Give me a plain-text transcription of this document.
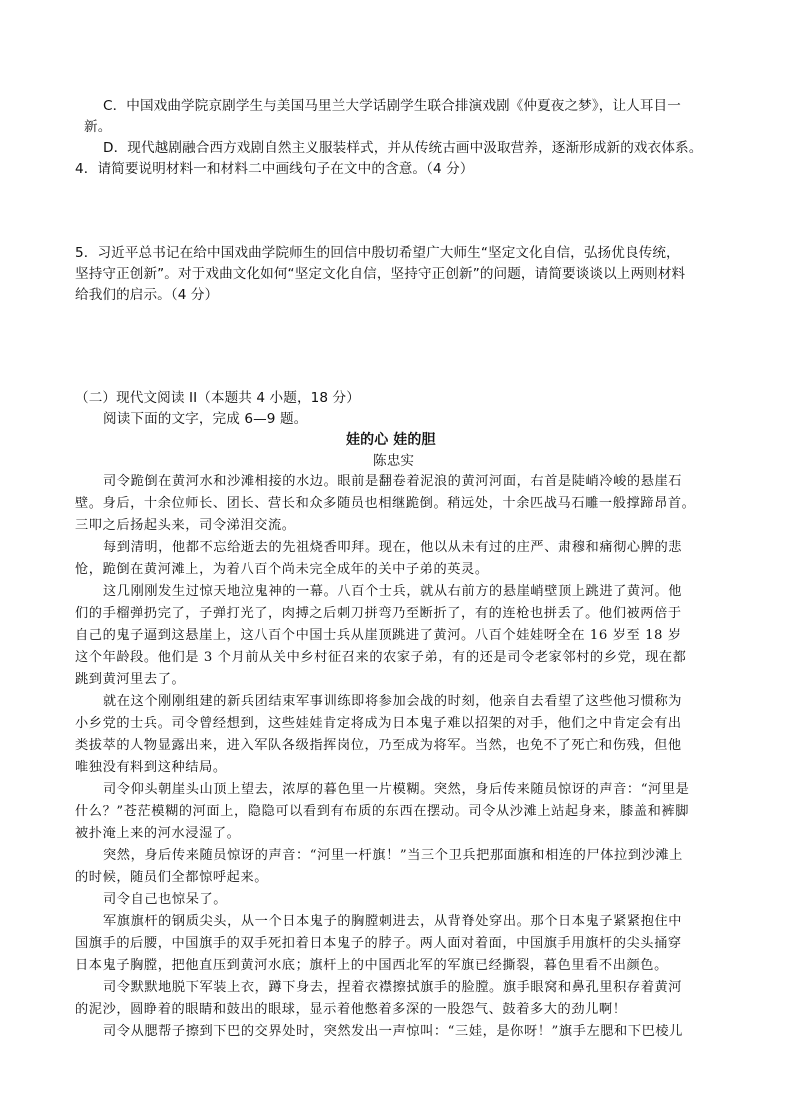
C．中国戏曲学院京剧学生与美国马里兰大学话剧学生联合排演戏剧《仲夏夜之梦》，让人耳目一
新。
D．现代越剧融合西方戏剧自然主义服装样式，并从传统古画中汲取营养，逐渐形成新的戏衣体系。
4．请简要说明材料一和材料二中画线句子在文中的含意。（4 分）
5．习近平总书记在给中国戏曲学院师生的回信中殷切希望广大师生“坚定文化自信，弘扬优良传统，
坚持守正创新”。对于戏曲文化如何“坚定文化自信，坚持守正创新”的问题，请简要谈谈以上两则材料
给我们的启示。（4 分）
（二）现代文阅读 II（本题共 4 小题，18 分）
阅读下面的文字，完成 6—9 题。
娃的心 娃的胆
陈忠实
司令跪倒在黄河水和沙滩相接的水边。眼前是翻卷着泥浪的黄河河面，右首是陡峭冷峻的悬崖石
壁。身后，十余位师长、团长、营长和众多随员也相继跪倒。稍远处，十余匹战马石雕一般撑蹄昂首。
三叩之后扬起头来，司令涕泪交流。
每到清明，他都不忘给逝去的先祖烧香叩拜。现在，他以从未有过的庄严、肃穆和痛彻心脾的悲
怆，跪倒在黄河滩上，为着八百个尚未完全成年的关中子弟的英灵。
这几刚刚发生过惊天地泣鬼神的一幕。八百个士兵，就从右前方的悬崖峭壁顶上跳进了黄河。他
们的手榴弹扔完了，子弹打光了，肉搏之后刺刀拼弯乃至断折了，有的连枪也拼丢了。他们被两倍于
自己的鬼子逼到这悬崖上，这八百个中国士兵从崖顶跳进了黄河。八百个娃娃呀全在 16 岁至 18 岁
这个年龄段。他们是 3 个月前从关中乡村征召来的农家子弟，有的还是司令老家邻村的乡党，现在都
跳到黄河里去了。
就在这个刚刚组建的新兵团结束军事训练即将参加会战的时刻，他亲自去看望了这些他习惯称为
小乡党的士兵。司令曾经想到，这些娃娃肯定将成为日本鬼子难以招架的对手，他们之中肯定会有出
类拔萃的人物显露出来，进入军队各级指挥岗位，乃至成为将军。当然，也免不了死亡和伤残，但他
唯独没有料到这种结局。
司令仰头朝崖头山顶上望去，浓厚的暮色里一片模糊。突然，身后传来随员惊讶的声音：“河里是
什么？”苍茫模糊的河面上，隐隐可以看到有布质的东西在摆动。司令从沙滩上站起身来，膝盖和裤脚
被扑淹上来的河水浸湿了。
突然，身后传来随员惊讶的声音：“河里一杆旗！”当三个卫兵把那面旗和相连的尸体拉到沙滩上
的时候，随员们全都惊呼起来。
司令自己也惊呆了。
军旗旗杆的钢质尖头，从一个日本鬼子的胸膛刺进去，从背脊处穿出。那个日本鬼子紧紧抱住中
国旗手的后腰，中国旗手的双手死扣着日本鬼子的脖子。两人面对着面，中国旗手用旗杆的尖头捅穿
日本鬼子胸膛，把他直压到黄河水底；旗杆上的中国西北军的军旗已经撕裂，暮色里看不出颜色。
司令默默地脱下军装上衣，蹲下身去，捏着衣襟擦拭旗手的脸膛。旗手眼窝和鼻孔里积存着黄河
的泥沙，圆睁着的眼睛和鼓出的眼球，显示着他憋着多深的一股怨气、鼓着多大的劲儿啊！
司令从腮帮子擦到下巴的交界处时，突然发出一声惊叫：“三娃，是你呀！”旗手左腮和下巴棱儿
